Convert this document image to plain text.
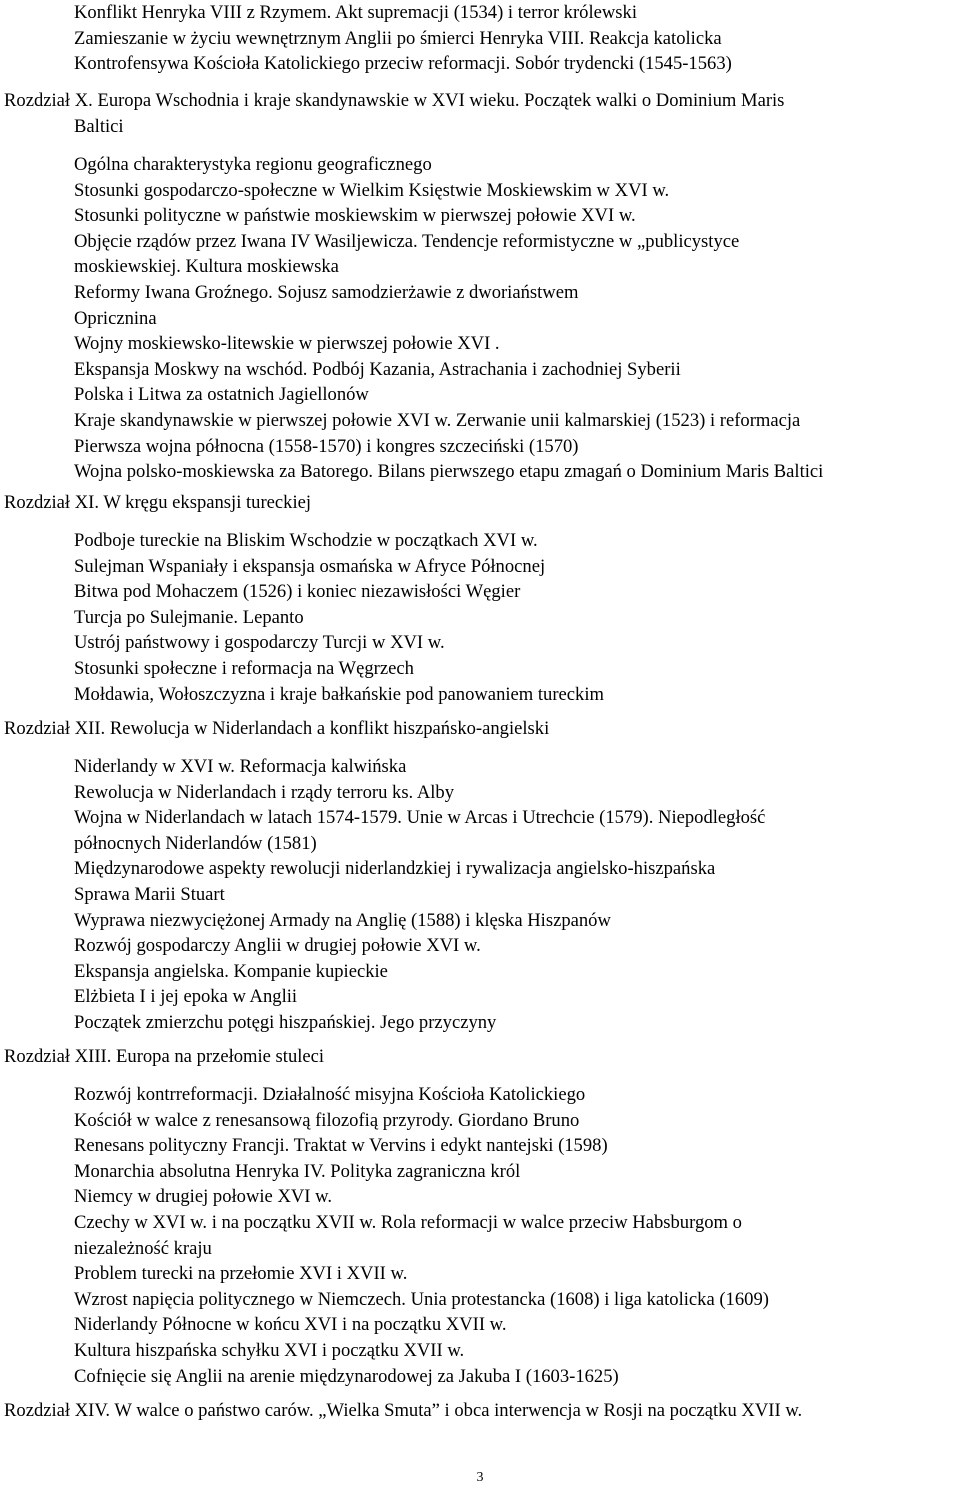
Konflikt Henryka VIII z Rzymem. Akt supremacji (1534) i terror królewski
Zamieszanie w życiu wewnętrznym Anglii po śmierci Henryka VIII. Reakcja katolicka
Kontrofensywa Kościoła Katolickiego przeciw reformacji. Sobór trydencki (1545-1563)
Rozdział X. Europa Wschodnia i kraje skandynawskie w XVI wieku. Początek walki o Dominium Maris
Baltici
Ogólna charakterystyka regionu geograficznego
Stosunki gospodarczo-społeczne w Wielkim Księstwie Moskiewskim w XVI w.
Stosunki polityczne w państwie moskiewskim w pierwszej połowie XVI w.
Objęcie rządów przez Iwana IV Wasiljewicza. Tendencje reformistyczne w „publicystyce
moskiewskiej. Kultura moskiewska
Reformy Iwana Groźnego. Sojusz samodzierżawie z dworiaństwem
Opricznina
Wojny moskiewsko-litewskie w pierwszej połowie XVI .
Ekspansja Moskwy na wschód. Podbój Kazania, Astrachania i zachodniej Syberii
Polska i Litwa za ostatnich Jagiellonów
Kraje skandynawskie w pierwszej połowie XVI w. Zerwanie unii kalmarskiej (1523) i reformacja
Pierwsza wojna północna (1558-1570) i kongres szczeciński (1570)
Wojna polsko-moskiewska za Batorego. Bilans pierwszego etapu zmagań o Dominium Maris Baltici
Rozdział XI. W kręgu ekspansji tureckiej
Podboje tureckie na Bliskim Wschodzie w początkach XVI w.
Sulejman Wspaniały i ekspansja osmańska w Afryce Północnej
Bitwa pod Mohaczem (1526) i koniec niezawisłości Węgier
Turcja po Sulejmanie. Lepanto
Ustrój państwowy i gospodarczy Turcji w XVI w.
Stosunki społeczne i reformacja na Węgrzech
Mołdawia, Wołoszczyzna i kraje bałkańskie pod panowaniem tureckim
Rozdział XII. Rewolucja w Niderlandach a konflikt hiszpańsko-angielski
Niderlandy w XVI w. Reformacja kalwińska
Rewolucja w Niderlandach i rządy terroru ks. Alby
Wojna w Niderlandach w latach 1574-1579. Unie w Arcas i Utrechcie (1579). Niepodległość
północnych Niderlandów (1581)
Międzynarodowe aspekty rewolucji niderlandzkiej i rywalizacja angielsko-hiszpańska
Sprawa Marii Stuart
Wyprawa niezwyciężonej Armady na Anglię (1588) i klęska Hiszpanów
Rozwój gospodarczy Anglii w drugiej połowie XVI w.
Ekspansja angielska. Kompanie kupieckie
Elżbieta I i jej epoka w Anglii
Początek zmierzchu potęgi hiszpańskiej. Jego przyczyny
Rozdział XIII. Europa na przełomie stuleci
Rozwój kontrreformacji. Działalność misyjna Kościoła Katolickiego
Kościół w walce z renesansową filozofią przyrody. Giordano Bruno
Renesans polityczny Francji. Traktat w Vervins i edykt nantejski (1598)
Monarchia absolutna Henryka IV. Polityka zagraniczna król
Niemcy w drugiej połowie XVI w.
Czechy w XVI w. i na początku XVII w. Rola reformacji w walce przeciw Habsburgom o
niezależność kraju
Problem turecki na przełomie XVI i XVII w.
Wzrost napięcia politycznego w Niemczech. Unia protestancka (1608) i liga katolicka (1609)
Niderlandy Północne w końcu XVI i na początku XVII w.
Kultura hiszpańska schyłku XVI i początku XVII w.
Cofnięcie się Anglii na arenie międzynarodowej za Jakuba I (1603-1625)
Rozdział XIV. W walce o państwo carów. „Wielka Smuta” i obca interwencja w Rosji na początku XVII w.
3
